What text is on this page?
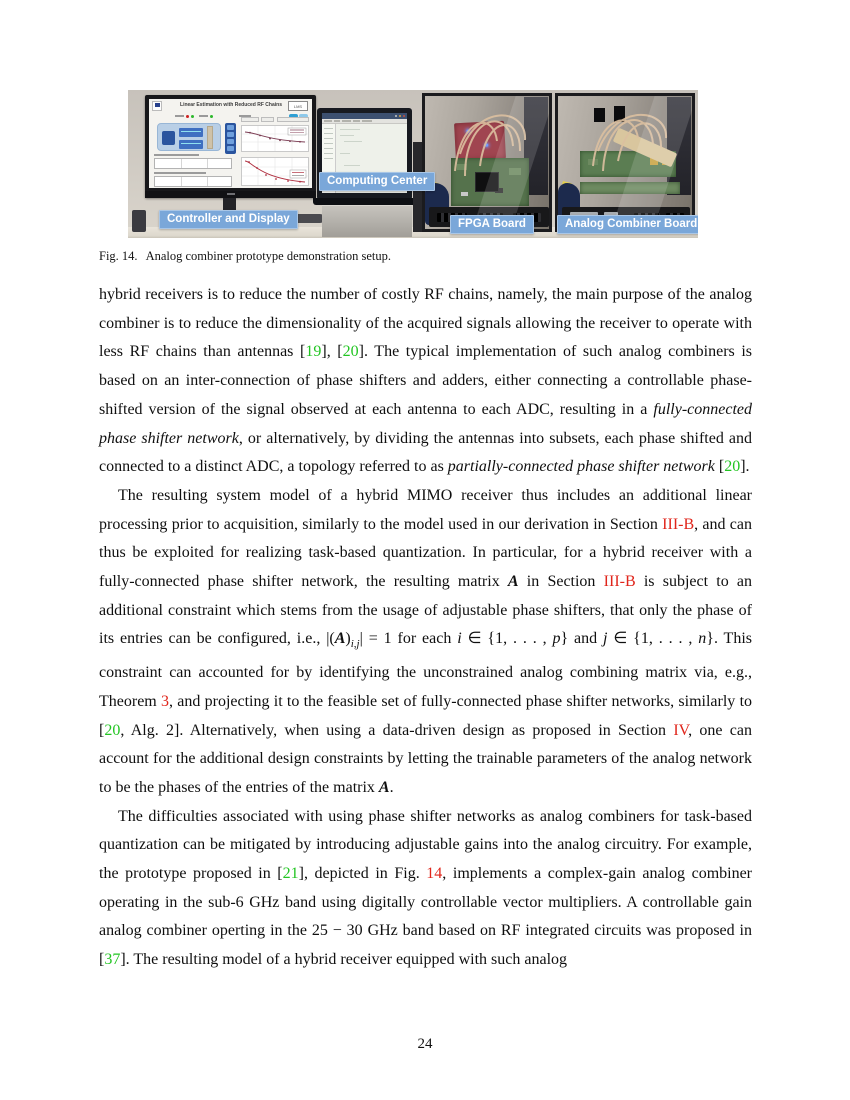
Linear Estimation with Reduced RF Chains	LMS
Controller and Display
Computing Center
FPGA Board	Analog Combiner Board
Fig. 14. Analog combiner prototype demonstration setup.

hybrid receivers is to reduce the number of costly RF chains, namely, the main purpose of the analog combiner is to reduce the dimensionality of the acquired signals allowing the receiver to operate with less RF chains than antennas [19], [20]. The typical implementation of such analog combiners is based on an inter-connection of phase shifters and adders, either connecting a controllable phase-shifted version of the signal observed at each antenna to each ADC, resulting in a fully-connected phase shifter network, or alternatively, by dividing the antennas into subsets, each phase shifted and connected to a distinct ADC, a topology referred to as partially-connected phase shifter network [20].

The resulting system model of a hybrid MIMO receiver thus includes an additional linear processing prior to acquisition, similarly to the model used in our derivation in Section III-B, and can thus be exploited for realizing task-based quantization. In particular, for a hybrid receiver with a fully-connected phase shifter network, the resulting matrix A in Section III-B is subject to an additional constraint which stems from the usage of adjustable phase shifters, that only the phase of its entries can be configured, i.e., $|(A)_{i,j}| = 1$ for each i ∈ {1, . . . , p} and j ∈ {1, . . . , n}. This constraint can accounted for by identifying the unconstrained analog combining matrix via, e.g., Theorem 3, and projecting it to the feasible set of fully-connected phase shifter networks, similarly to [20, Alg. 2]. Alternatively, when using a data-driven design as proposed in Section IV, one can account for the additional design constraints by letting the trainable parameters of the analog network to be the phases of the entries of the matrix A.

The difficulties associated with using phase shifter networks as analog combiners for task-based quantization can be mitigated by introducing adjustable gains into the analog circuitry. For example, the prototype proposed in [21], depicted in Fig. 14, implements a complex-gain analog combiner operating in the sub-6 GHz band using digitally controllable vector multipliers. A controllable gain analog combiner operting in the 25 − 30 GHz band based on RF integrated circuits was proposed in [37]. The resulting model of a hybrid receiver equipped with such analog

24
